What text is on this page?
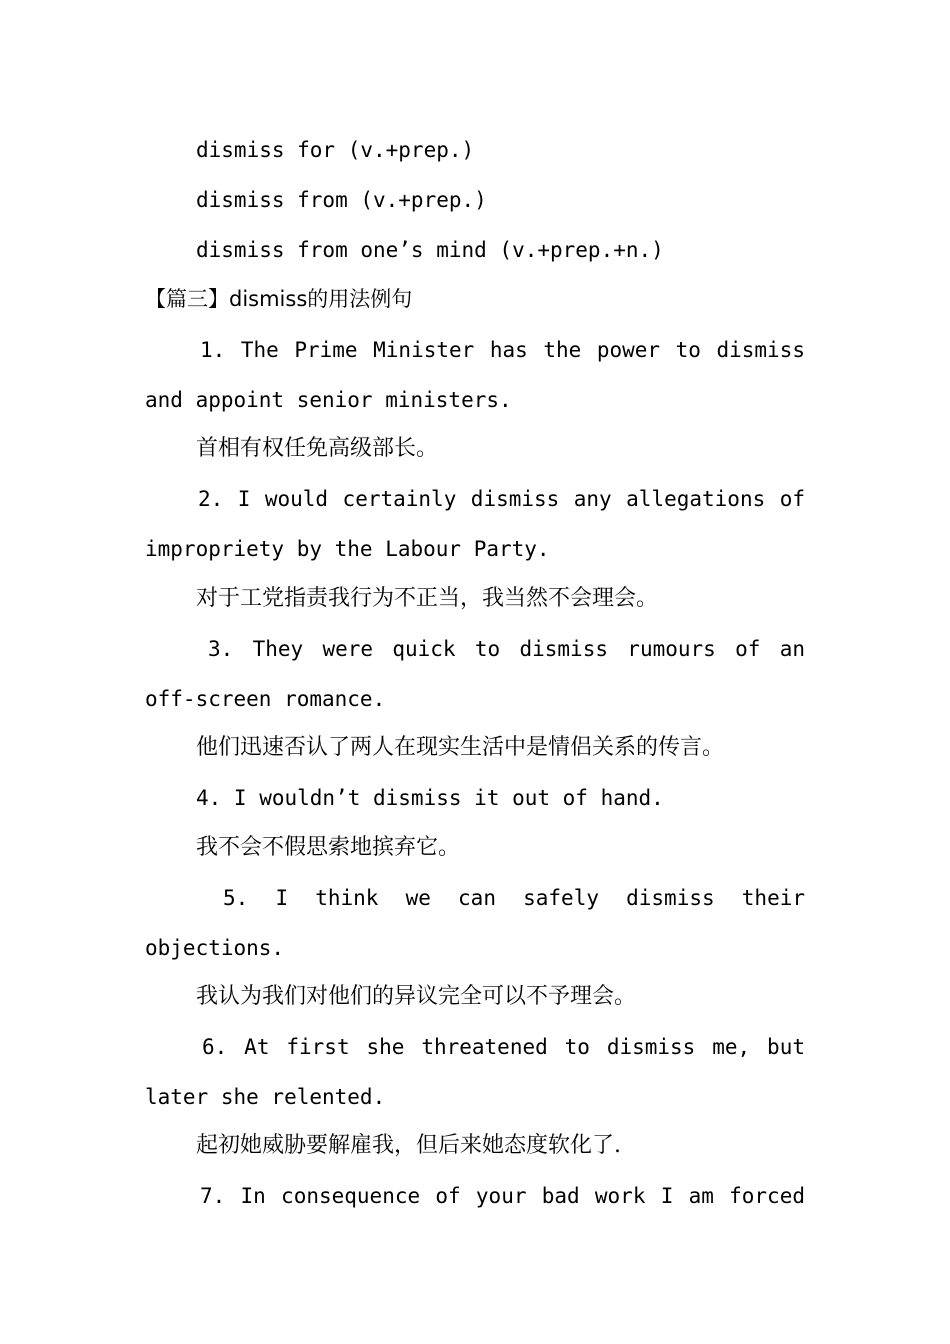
dismiss for (v.+prep.)
dismiss from (v.+prep.)
dismiss from one’s mind (v.+prep.+n.)
【篇三】dismiss的用法例句
1. The Prime Minister has the power to dismiss
and appoint senior ministers.
首相有权任免高级部长。
2. I would certainly dismiss any allegations of
impropriety by the Labour Party.
对于工党指责我行为不正当，我当然不会理会。
3. They were quick to dismiss rumours of an
off-screen romance.
他们迅速否认了两人在现实生活中是情侣关系的传言。
4. I wouldn’t dismiss it out of hand.
我不会不假思索地摈弃它。
5. I think we can safely dismiss their
objections.
我认为我们对他们的异议完全可以不予理会。
6. At first she threatened to dismiss me, but
later she relented.
起初她威胁要解雇我，但后来她态度软化了.
7. In consequence of your bad work I am forced
